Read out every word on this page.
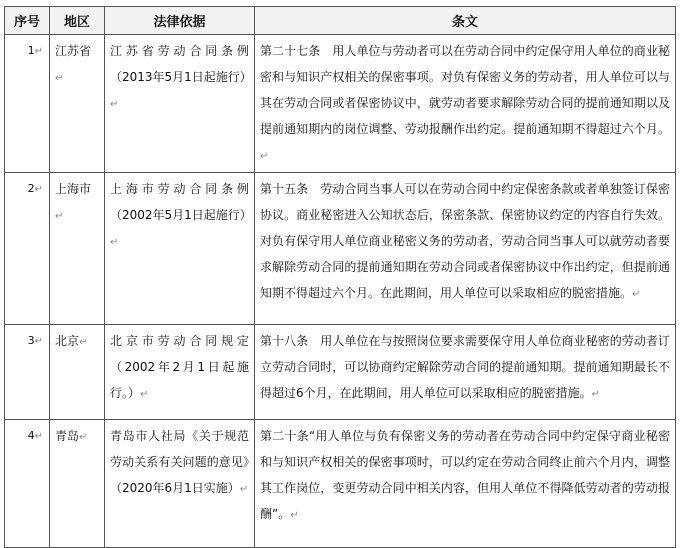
序号	地区	法律依据	条文
1↵	江苏省↵	江苏省劳动合同条例（2013年5月1日起施行）↵	第二十七条　用人单位与劳动者可以在劳动合同中约定保守用人单位的商业秘密和与知识产权相关的保密事项。对负有保密义务的劳动者，用人单位可以与其在劳动合同或者保密协议中，就劳动者要求解除劳动合同的提前通知期以及提前通知期内的岗位调整、劳动报酬作出约定。提前通知期不得超过六个月。↵
2↵	上海市↵	上海市劳动合同条例（2002年5月1日起施行）↵	第十五条　劳动合同当事人可以在劳动合同中约定保密条款或者单独签订保密协议。商业秘密进入公知状态后，保密条款、保密协议约定的内容自行失效。对负有保守用人单位商业秘密义务的劳动者，劳动合同当事人可以就劳动者要求解除劳动合同的提前通知期在劳动合同或者保密协议中作出约定，但提前通知期不得超过六个月。在此期间，用人单位可以采取相应的脱密措施。↵
3↵	北京↵	北京市劳动合同规定（2002年2月1日起施行。）↵	第十八条　用人单位在与按照岗位要求需要保守用人单位商业秘密的劳动者订立劳动合同时，可以协商约定解除劳动合同的提前通知期。提前通知期最长不得超过6个月，在此期间，用人单位可以采取相应的脱密措施。↵
4↵	青岛↵	青岛市人社局《关于规范劳动关系有关问题的意见》（2020年6月1日实施）↵	第二十条“用人单位与负有保密义务的劳动者在劳动合同中约定保守商业秘密和与知识产权相关的保密事项时，可以约定在劳动合同终止前六个月内，调整其工作岗位，变更劳动合同中相关内容，但用人单位不得降低劳动者的劳动报酬”。↵
